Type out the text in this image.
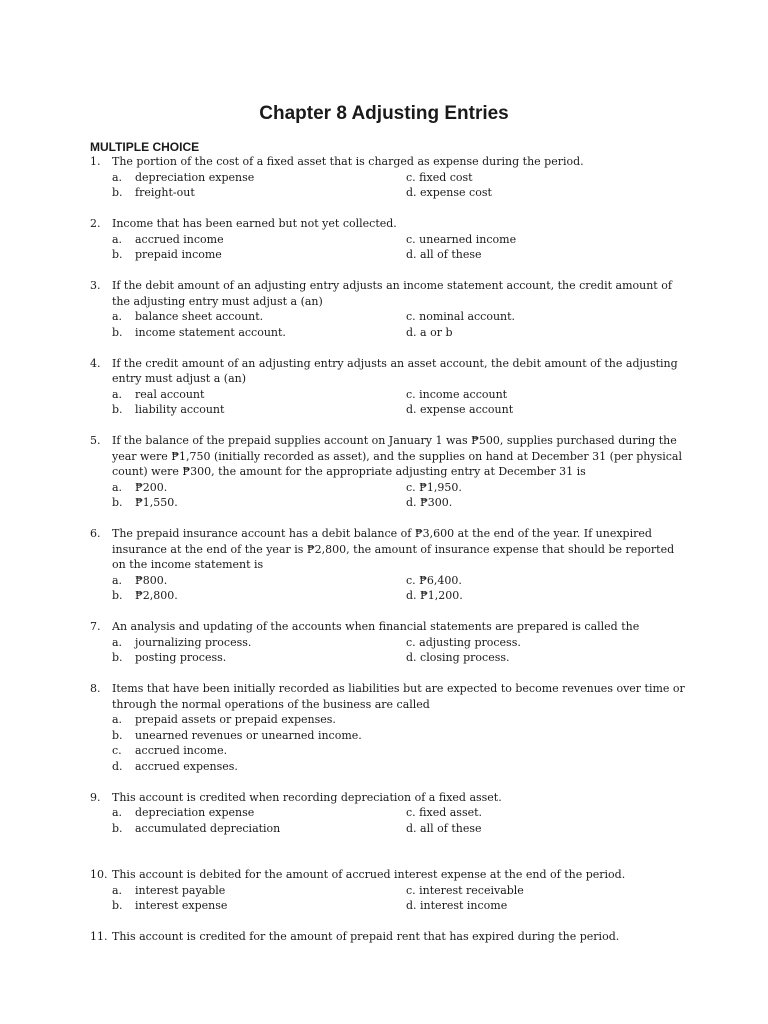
Chapter 8 Adjusting Entries
MULTIPLE CHOICE
1. The portion of the cost of a fixed asset that is charged as expense during the period.
a. depreciation expense	c. fixed cost
b. freight-out	d. expense cost
2. Income that has been earned but not yet collected.
a. accrued income	c. unearned income
b. prepaid income	d. all of these
3. If the debit amount of an adjusting entry adjusts an income statement account, the credit amount of the adjusting entry must adjust a (an)
a. balance sheet account.	c. nominal account.
b. income statement account.	d. a or b
4. If the credit amount of an adjusting entry adjusts an asset account, the debit amount of the adjusting entry must adjust a (an)
a. real account	c. income account
b. liability account	d. expense account
5. If the balance of the prepaid supplies account on January 1 was ₱500, supplies purchased during the year were ₱1,750 (initially recorded as asset), and the supplies on hand at December 31 (per physical count) were ₱300, the amount for the appropriate adjusting entry at December 31 is
a. ₱200.	c. ₱1,950.
b. ₱1,550.	d. ₱300.
6. The prepaid insurance account has a debit balance of ₱3,600 at the end of the year. If unexpired insurance at the end of the year is ₱2,800, the amount of insurance expense that should be reported on the income statement is
a. ₱800.	c. ₱6,400.
b. ₱2,800.	d. ₱1,200.
7. An analysis and updating of the accounts when financial statements are prepared is called the
a. journalizing process.	c. adjusting process.
b. posting process.	d. closing process.
8. Items that have been initially recorded as liabilities but are expected to become revenues over time or through the normal operations of the business are called
a. prepaid assets or prepaid expenses.
b. unearned revenues or unearned income.
c. accrued income.
d. accrued expenses.
9. This account is credited when recording depreciation of a fixed asset.
a. depreciation expense	c. fixed asset.
b. accumulated depreciation	d. all of these
10. This account is debited for the amount of accrued interest expense at the end of the period.
a. interest payable	c. interest receivable
b. interest expense	d. interest income
11. This account is credited for the amount of prepaid rent that has expired during the period.
